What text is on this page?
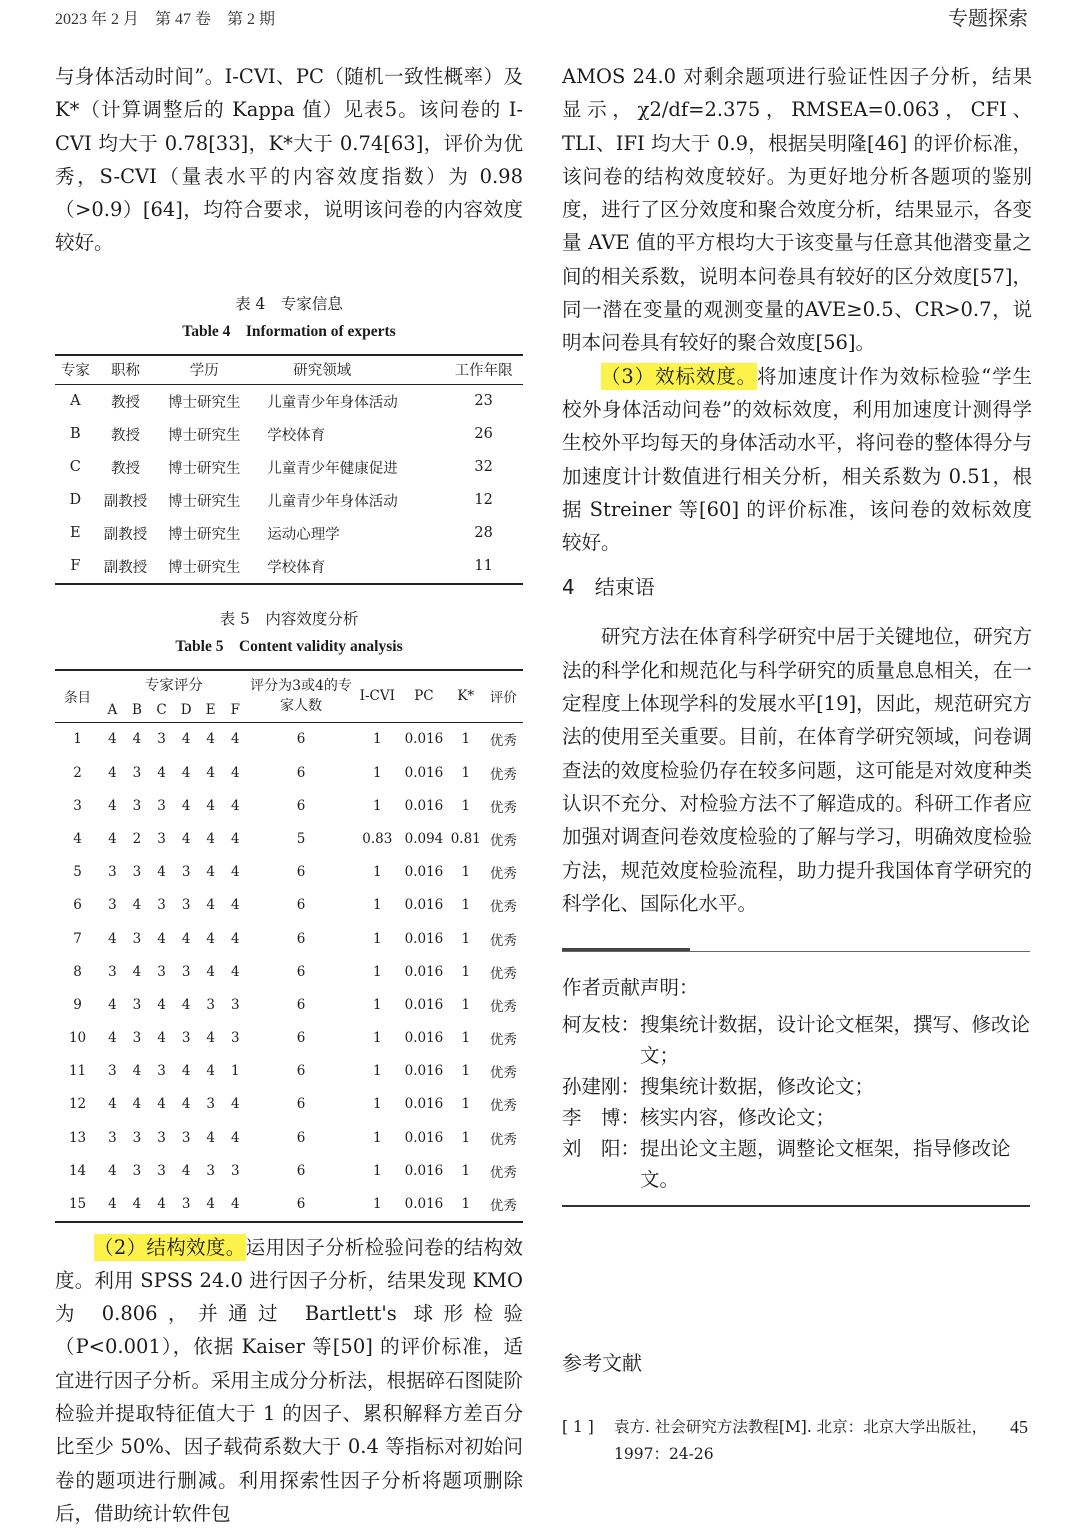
2023 年 2 月　第 47 卷　第 2 期	专题探索

与身体活动时间”。I-CVI、PC（随机一致性概率）及K*（计算调整后的 Kappa 值）见表5。该问卷的 I-CVI 均大于 0.78[33]，K*大于 0.74[63]，评价为优秀，S-CVI（量表水平的内容效度指数）为 0.98（>0.9）[64]，均符合要求，说明该问卷的内容效度较好。

表 4　专家信息

Table 4　Information of experts

专家	职称	学历	研究领域	工作年限
A	教授	博士研究生	儿童青少年身体活动	23
B	教授	博士研究生	学校体育	26
C	教授	博士研究生	儿童青少年健康促进	32
D	副教授	博士研究生	儿童青少年身体活动	12
E	副教授	博士研究生	运动心理学	28
F	副教授	博士研究生	学校体育	11

表 5　内容效度分析

Table 5　Content validity analysis

条目	专家评分						评分为3或4的专家人数	I-CVI	PC	K*	评价
	A	B	C	D	E	F					

1	4	4	3	4	4	4	6	1	0.016	1	优秀
2	4	3	4	4	4	4	6	1	0.016	1	优秀
3	4	3	3	4	4	4	6	1	0.016	1	优秀
4	4	2	3	4	4	4	5	0.83	0.094	0.81	优秀
5	3	3	4	3	4	4	6	1	0.016	1	优秀
6	3	4	3	3	4	4	6	1	0.016	1	优秀
7	4	3	4	4	4	4	6	1	0.016	1	优秀
8	3	4	3	3	4	4	6	1	0.016	1	优秀
9	4	3	4	4	3	3	6	1	0.016	1	优秀
10	4	3	4	3	4	3	6	1	0.016	1	优秀
11	3	4	3	4	4	1	6	1	0.016	1	优秀
12	4	4	4	4	3	4	6	1	0.016	1	优秀
13	3	3	3	3	4	4	6	1	0.016	1	优秀
14	4	3	3	4	3	3	6	1	0.016	1	优秀
15	4	4	4	3	4	4	6	1	0.016	1	优秀

（2）结构效度。运用因子分析检验问卷的结构效度。利用 SPSS 24.0 进行因子分析，结果发现 KMO 为 0.806，并通过 Bartlett's 球形检验（P<0.001），依据 Kaiser 等[50] 的评价标准，适宜进行因子分析。采用主成分分析法，根据碎石图陡阶检验并提取特征值大于 1 的因子、累积解释方差百分比至少 50%、因子载荷系数大于 0.4 等指标对初始问卷的题项进行删减。利用探索性因子分析将题项删除后，借助统计软件包

AMOS 24.0 对剩余题项进行验证性因子分析，结果显示，χ2/df=2.375，RMSEA=0.063，CFI、TLI、IFI 均大于 0.9，根据吴明隆[46] 的评价标准，该问卷的结构效度较好。为更好地分析各题项的鉴别度，进行了区分效度和聚合效度分析，结果显示，各变量 AVE 值的平方根均大于该变量与任意其他潜变量之间的相关系数，说明本问卷具有较好的区分效度[57]，同一潜在变量的观测变量的AVE≥0.5、CR>0.7，说明本问卷具有较好的聚合效度[56]。

（3）效标效度。将加速度计作为效标检验“学生校外身体活动问卷”的效标效度，利用加速度计测得学生校外平均每天的身体活动水平，将问卷的整体得分与加速度计计数值进行相关分析，相关系数为 0.51，根据 Streiner 等[60] 的评价标准，该问卷的效标效度较好。

4　结束语

研究方法在体育科学研究中居于关键地位，研究方法的科学化和规范化与科学研究的质量息息相关，在一定程度上体现学科的发展水平[19]，因此，规范研究方法的使用至关重要。目前，在体育学研究领域，问卷调查法的效度检验仍存在较多问题，这可能是对效度种类认识不充分、对检验方法不了解造成的。科研工作者应加强对调查问卷效度检验的了解与学习，明确效度检验方法，规范效度检验流程，助力提升我国体育学研究的科学化、国际化水平。

作者贡献声明：

柯友枝： 搜集统计数据，设计论文框架，撰写、修改论文；
孙建刚： 搜集统计数据，修改论文；
李　博： 核实内容，修改论文；
刘　阳： 提出论文主题，调整论文框架，指导修改论文。
参考文献
[ 1 ]	袁方. 社会研究方法教程[M]. 北京：北京大学出版社，1997：24-26
45
